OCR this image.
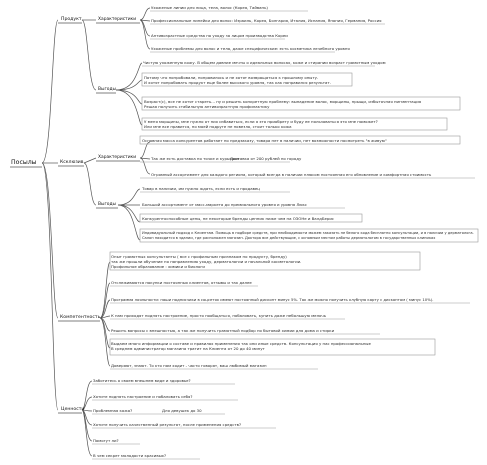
Посылы
Продукт
Ксклюзив
Компетентность
Ценности
Характеристики
Выгоды
Характеристики
Выгоды
Ухоженые линии для лица, тела, волос (Корея, Тайвань)
Профессиональные линейки для волос: Израиль, Корея, Болгария, Италия, Испания, Япония, Германия, Россия
Антивозрастные средства по уходу за лицом производства Кореи
Ухоженые проблемы для волос и тела, даже специфические: есть косметика лечебного уровня
Чистую ухоженную кожу. В общем давние мечты о идеальных волосах, коже и стирании возраст грамотным уходом
Потому что попробовали, понравилось и не хотят возвращаться к прошлому опыту.
И хотят попробовать продукт еще более высокого уровня, так как понравился результат.
Возраст(с), все не хотят стареть... ну и решить конкретную проблему: выпадение волос, морщины, прыщи, избыточная пигментация
Решая получить стабильную антивозрастную профилактику
У меня морщины, мне нужно от них избавиться, если я это приобрету и буду ее пользоваться это мне поможет?
Или мне все нравится, но моей подруге не повезло, стоит только кожа
Основная масса конкурентов работает по предзаказу, товара нет в наличии, нет возможности посмотреть "в живую"
Так же есть доставка по точке и курьером
Доставка от 200 рублей по городу
Огромный ассортимент для каждого региона, который всегда в наличии плюсом постоянная его обновление и комфортная стоимость
Товар в наличии, им нужно ждать, если есть и продавец
Большой ассортимент от масс-маркета до премиального уровня и уровня Люкс
Конкурентоспособные цены, не некоторые бренды ценник ниже чем на ОЗОНе и ВалдБерис
Индивидуальный подход к Клиентам. Помощь в подборе средств, при необходимости можем заказать не белого кода бесплатно консультации, и в наличии у дерматолога.
Салон находится в здании, где расположен магазин. Доктора все действующие, с основным местом работы дерматологом в государственных клиниках
Опыт грамотных консультанты ( все с профильным признаком по продукту, бренду)
так же прошли обучение по направлению уходу, дерматологии и начальной косметологии.
Профильное образование : химики и биологи
Отслеживаются покупки постоянных клиентов, отзывы и так далее
Программа лояльности: наши подписчики в соцсетях имеют постоянный дисконт минус 5%. Так же можно получить клубную карту с дисконтом ( минус 10%).
К нам приходят поднять настроение, просто пообщаться, побаловать, купить даже небольшую мелочь
Решить вопросы с внешностью, а так же получить грамотный подбор по бытовой химии для дома и стирки
Выдаем много информации о составе и правилах применения так они иные средств. Консультация у нас профессиональные
В среднем администратор магазина тратит на Клиента от 20 до 40 минут
Доверяют, знают. То кто нам ходит - часто говорят, ваш любимый магазин
Заботитесь о своем внешнем виде и здоровье?
Хотите поднять настроение и побаловать себя?
Проблемная кожа?	Для девушек до 30
Хотите получить качественный результат, после применения средств?
Помогут ли?
В чем секрет молодости красивых?
